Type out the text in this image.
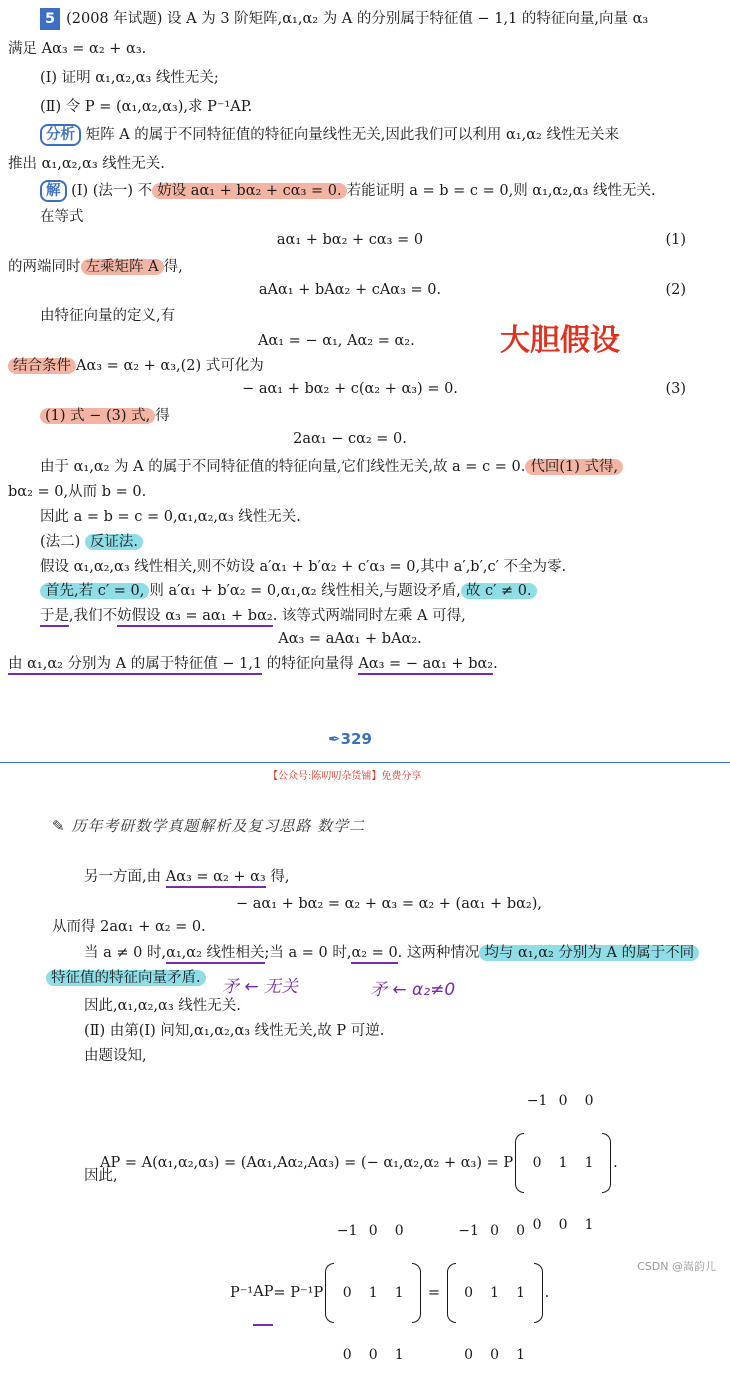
5 (2008 年试题) 设 A 为 3 阶矩阵,α₁,α₂ 为 A 的分别属于特征值 − 1,1 的特征向量,向量 α₃
满足 Aα₃ = α₂ + α₃.
(Ⅰ) 证明 α₁,α₂,α₃ 线性无关;
(Ⅱ) 令 P = (α₁,α₂,α₃),求 P⁻¹AP.
分析 矩阵 A 的属于不同特征值的特征向量线性无关,因此我们可以利用 α₁,α₂ 线性无关来
推出 α₁,α₂,α₃ 线性无关.
解 (Ⅰ) (法一) 不 妨设 aα₁ + bα₂ + cα₃ = 0. 若能证明 a = b = c = 0,则 α₁,α₂,α₃ 线性无关.
在等式
aα₁ + bα₂ + cα₃ = 0	(1)
的两端同时 左乘矩阵 A 得,
aAα₁ + bAα₂ + cAα₃ = 0.	(2)
由特征向量的定义,有
Aα₁ = − α₁, Aα₂ = α₂.	大胆假设
结合条件 Aα₃ = α₂ + α₃,(2) 式可化为
− aα₁ + bα₂ + c(α₂ + α₃) = 0.	(3)
(1) 式 − (3) 式, 得
2aα₁ − cα₂ = 0.
由于 α₁,α₂ 为 A 的属于不同特征值的特征向量,它们线性无关,故 a = c = 0. 代回(1) 式得,
bα₂ = 0,从而 b = 0.
因此 a = b = c = 0,α₁,α₂,α₃ 线性无关.
(法二) 反证法.
假设 α₁,α₂,α₃ 线性相关,则不妨设 a′α₁ + b′α₂ + c′α₃ = 0,其中 a′,b′,c′ 不全为零.
首先,若 c′ = 0, 则 a′α₁ + b′α₂ = 0,α₁,α₂ 线性相关,与题设矛盾, 故 c′ ≠ 0.
于是,我们不妨假设 α₃ = aα₁ + bα₂. 该等式两端同时左乘 A 可得,
Aα₃ = aAα₁ + bAα₂.
由 α₁,α₂ 分别为 A 的属于特征值 − 1,1 的特征向量得 Aα₃ = − aα₁ + bα₂.
✒329
【公众号:陈叨叨杂货铺】免费分享
✎ 历年考研数学真题解析及复习思路 数学二
另一方面,由 Aα₃ = α₂ + α₃ 得,
− aα₁ + bα₂ = α₂ + α₃ = α₂ + (aα₁ + bα₂),
从而得 2aα₁ + α₂ = 0.
当 a ≠ 0 时,α₁,α₂ 线性相关;当 a = 0 时,α₂ = 0. 这两种情况 均与 α₁,α₂ 分别为 A 的属于不同
特征值的特征向量矛盾. 矛 ← 无关	矛 ← α₂≠0
因此,α₁,α₂,α₃ 线性无关.
(Ⅱ) 由第(Ⅰ) 问知,α₁,α₂,α₃ 线性无关,故 P 可逆.
由题设知,
AP = A(α₁,α₂,α₃) = (Aα₁,Aα₂,Aα₃) = (− α₁,α₂,α₂ + α₃) = P
−1	0	0
0	1	1
0	0	1
.
因此,
P⁻¹ AP = P⁻¹P
−1	0	0
0	1	1
0	0	1
=
−1	0	0
0	1	1
0	0	1
.
CSDN @嵩韵儿
